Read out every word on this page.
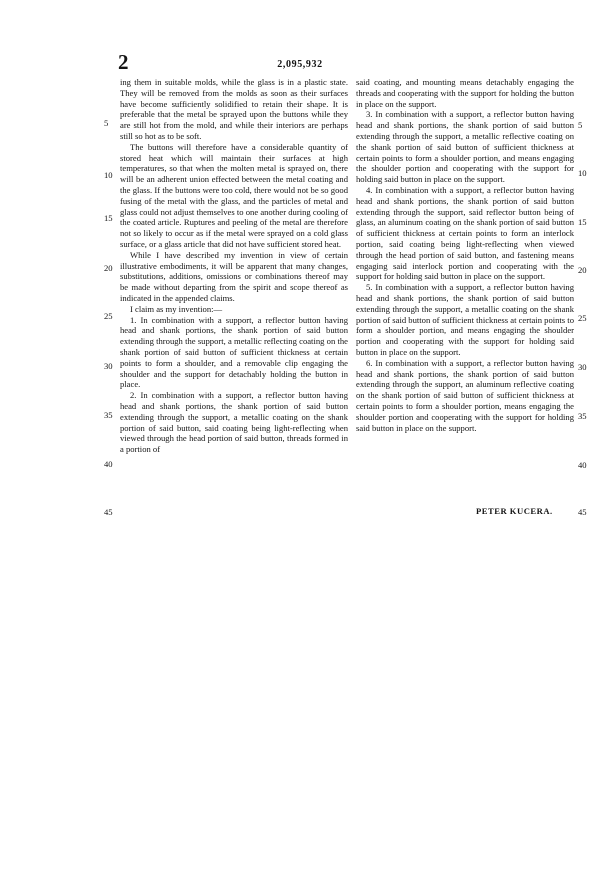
2	2,095,932

ing them in suitable molds, while the glass is in a plastic state. They will be removed from the molds as soon as their surfaces have become sufficiently solidified to retain their shape. It is preferable that the metal be sprayed upon the buttons while they are still hot from the mold, and while their interiors are perhaps still so hot as to be soft.

The buttons will therefore have a considerable quantity of stored heat which will maintain their surfaces at high temperatures, so that when the molten metal is sprayed on, there will be an adherent union effected between the metal coating and the glass. If the buttons were too cold, there would not be so good fusing of the metal with the glass, and the particles of metal and glass could not adjust themselves to one another during cooling of the coated article. Ruptures and peeling of the metal are therefore not so likely to occur as if the metal were sprayed on a cold glass surface, or a glass article that did not have sufficient stored heat.

While I have described my invention in view of certain illustrative embodiments, it will be apparent that many changes, substitutions, additions, omissions or combinations thereof may be made without departing from the spirit and scope thereof as indicated in the appended claims.

I claim as my invention:—

1. In combination with a support, a reflector button having head and shank portions, the shank portion of said button extending through the support, a metallic reflecting coating on the shank portion of said button of sufficient thickness at certain points to form a shoulder, and a removable clip engaging the shoulder and the support for detachably holding the button in place.

2. In combination with a support, a reflector button having head and shank portions, the shank portion of said button extending through the support, a metallic coating on the shank portion of said button, said coating being light-reflecting when viewed through the head portion of said button, threads formed in a portion of

said coating, and mounting means detachably engaging the threads and cooperating with the support for holding the button in place on the support.

3. In combination with a support, a reflector button having head and shank portions, the shank portion of said button extending through the support, a metallic reflective coating on the shank portion of said button of sufficient thickness at certain points to form a shoulder portion, and means engaging the shoulder portion and cooperating with the support for holding said button in place on the support.

4. In combination with a support, a reflector button having head and shank portions, the shank portion of said button extending through the support, said reflector button being of glass, an aluminum coating on the shank portion of said button of sufficient thickness at certain points to form an interlock portion, said coating being light-reflecting when viewed through the head portion of said button, and fastening means engaging said interlock portion and cooperating with the support for holding said button in place on the support.

5. In combination with a support, a reflector button having head and shank portions, the shank portion of said button extending through the support, a metallic coating on the shank portion of said button of sufficient thickness at certain points to form a shoulder portion, and means engaging the shoulder portion and cooperating with the support for holding said button in place on the support.

6. In combination with a support, a reflector button having head and shank portions, the shank portion of said button extending through the support, an aluminum reflective coating on the shank portion of said button of sufficient thickness at certain points to form a shoulder portion, means engaging the shoulder portion and cooperating with the support for holding said button in place on the support.

5
10
15
20
25
30
35
40
45
5
10
15
20
25
30
35
40
45
PETER KUCERA.
